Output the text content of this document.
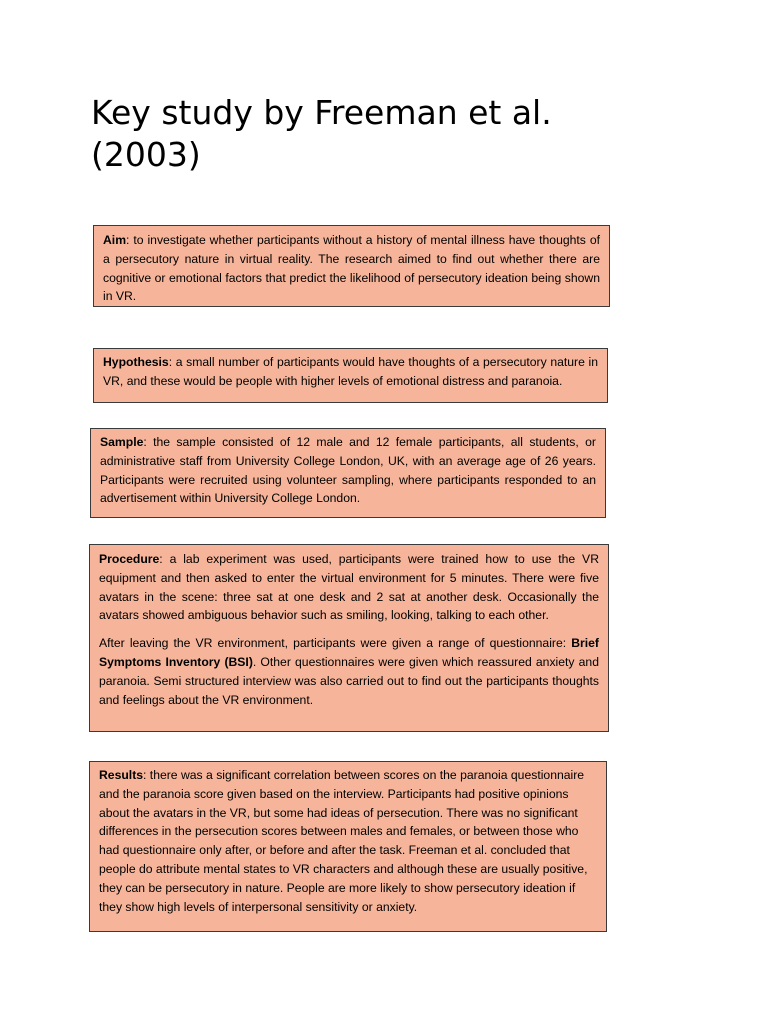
Key study by Freeman et al. (2003)

Aim: to investigate whether participants without a history of mental illness have thoughts of a persecutory nature in virtual reality. The research aimed to find out whether there are cognitive or emotional factors that predict the likelihood of persecutory ideation being shown in VR.

Hypothesis: a small number of participants would have thoughts of a persecutory nature in VR, and these would be people with higher levels of emotional distress and paranoia.

Sample: the sample consisted of 12 male and 12 female participants, all students, or administrative staff from University College London, UK, with an average age of 26 years. Participants were recruited using volunteer sampling, where participants responded to an advertisement within University College London.

Procedure: a lab experiment was used, participants were trained how to use the VR equipment and then asked to enter the virtual environment for 5 minutes. There were five avatars in the scene: three sat at one desk and 2 sat at another desk. Occasionally the avatars showed ambiguous behavior such as smiling, looking, talking to each other.

After leaving the VR environment, participants were given a range of questionnaire: Brief Symptoms Inventory (BSI). Other questionnaires were given which reassured anxiety and paranoia. Semi structured interview was also carried out to find out the participants thoughts and feelings about the VR environment.

Results: there was a significant correlation between scores on the paranoia questionnaire and the paranoia score given based on the interview. Participants had positive opinions about the avatars in the VR, but some had ideas of persecution. There was no significant differences in the persecution scores between males and females, or between those who had questionnaire only after, or before and after the task. Freeman et al. concluded that people do attribute mental states to VR characters and although these are usually positive, they can be persecutory in nature. People are more likely to show persecutory ideation if they show high levels of interpersonal sensitivity or anxiety.
